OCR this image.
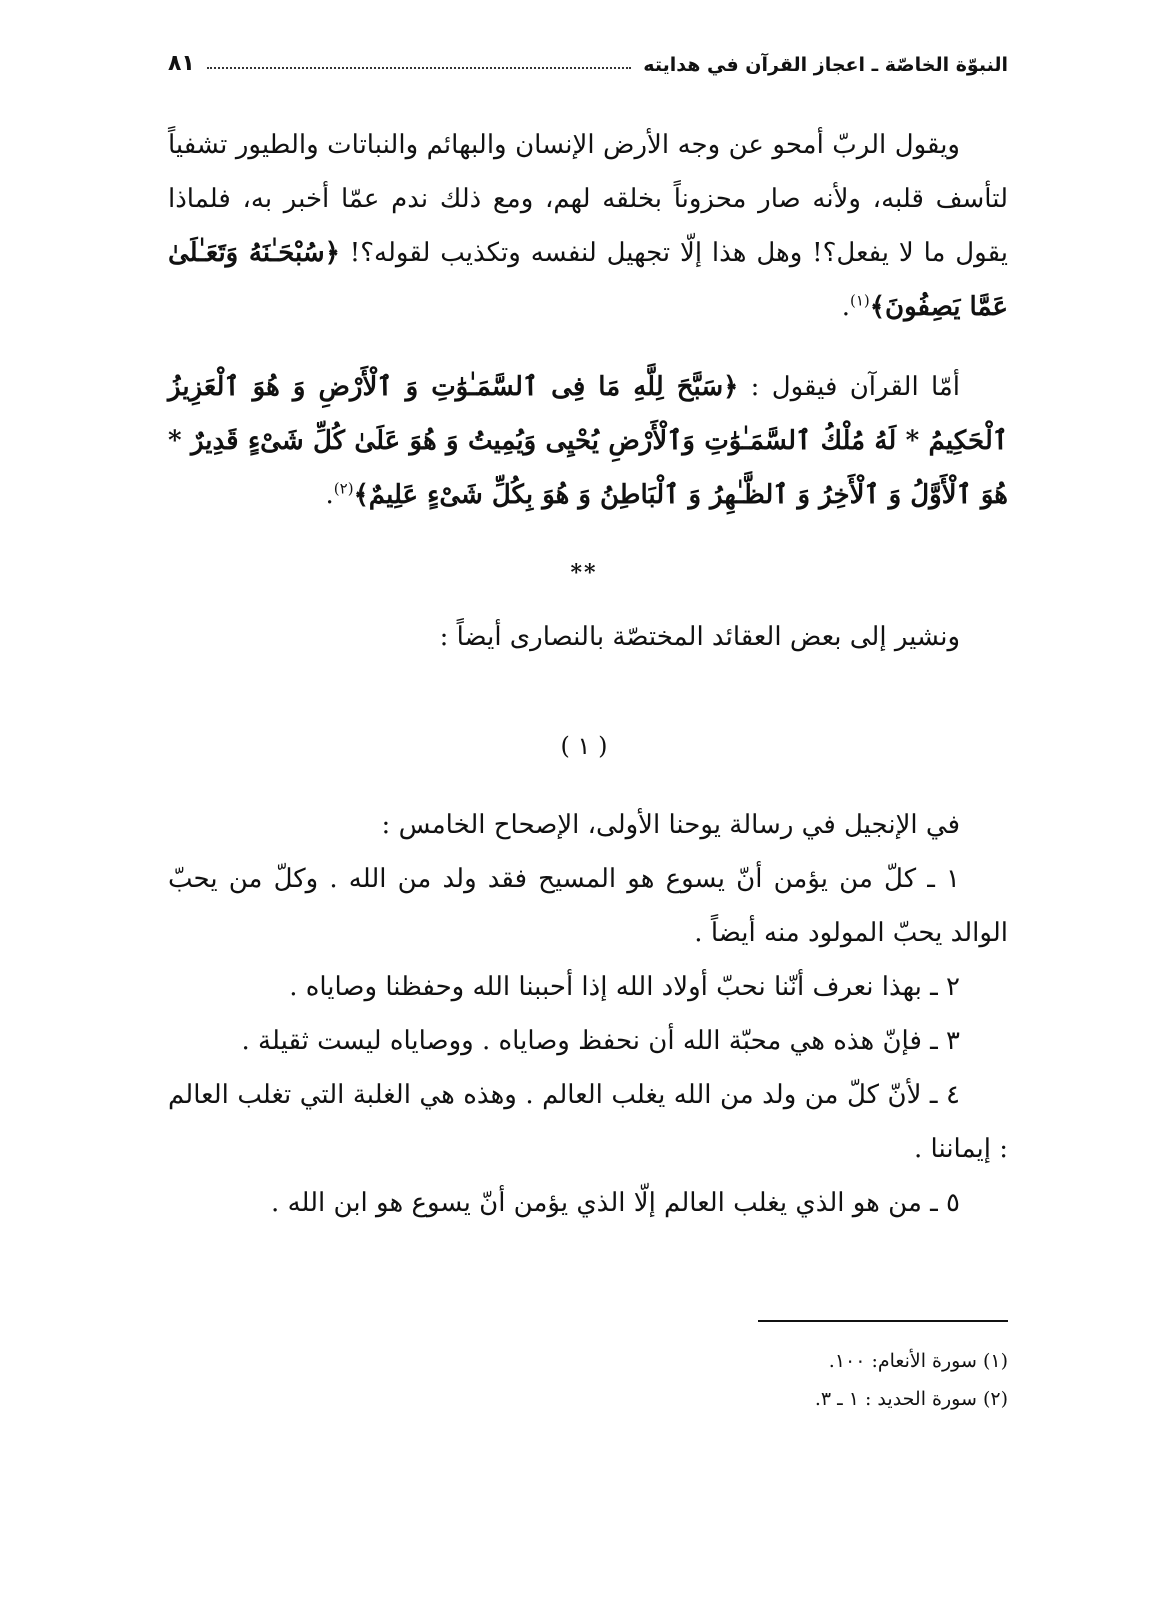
النبوّة الخاصّة ـ اعجاز القرآن في هدايته
٨١

ويقول الربّ أمحو عن وجه الأرض الإنسان والبهائم والنباتات والطيور تشفياً لتأسف قلبه، ولأنه صار محزوناً بخلقه لهم، ومع ذلك ندم عمّا أخبر به، فلماذا يقول ما لا يفعل؟! وهل هذا إلّا تجهيل لنفسه وتكذيب لقوله؟! ﴿سُبْحَـٰنَهُ وَتَعَـٰلَىٰ عَمَّا يَصِفُونَ﴾$^{(١)}$.

أمّا القرآن فيقول : ﴿سَبَّحَ لِلَّهِ مَا فِى ٱلسَّمَـٰوَٰتِ وَ ٱلْأَرْضِ وَ هُوَ ٱلْعَزِيزُ ٱلْحَكِيمُ * لَهُ مُلْكُ ٱلسَّمَـٰوَٰتِ وَٱلْأَرْضِ يُحْيِى وَيُمِيتُ وَ هُوَ عَلَىٰ كُلِّ شَىْءٍ قَدِيرٌ * هُوَ ٱلْأَوَّلُ وَ ٱلْأَخِرُ وَ ٱلظَّـٰهِرُ وَ ٱلْبَاطِنُ وَ هُوَ بِكُلِّ شَىْءٍ عَلِيمٌ﴾$^{(٢)}$.

**

ونشير إلى بعض العقائد المختصّة بالنصارى أيضاً :

( ١ )

في الإنجيل في رسالة يوحنا الأولى، الإصحاح الخامس :

١ ـ كلّ من يؤمن أنّ يسوع هو المسيح فقد ولد من الله . وكلّ من يحبّ الوالد يحبّ المولود منه أيضاً .

٢ ـ بهذا نعرف أنّنا نحبّ أولاد الله إذا أحببنا الله وحفظنا وصاياه .

٣ ـ فإنّ هذه هي محبّة الله أن نحفظ وصاياه . ووصاياه ليست ثقيلة .

٤ ـ لأنّ كلّ من ولد من الله يغلب العالم . وهذه هي الغلبة التي تغلب العالم : إيماننا .

٥ ـ من هو الذي يغلب العالم إلّا الذي يؤمن أنّ يسوع هو ابن الله .

(١) سورة الأنعام: ١٠٠.

(٢) سورة الحديد : ١ ـ ٣.
